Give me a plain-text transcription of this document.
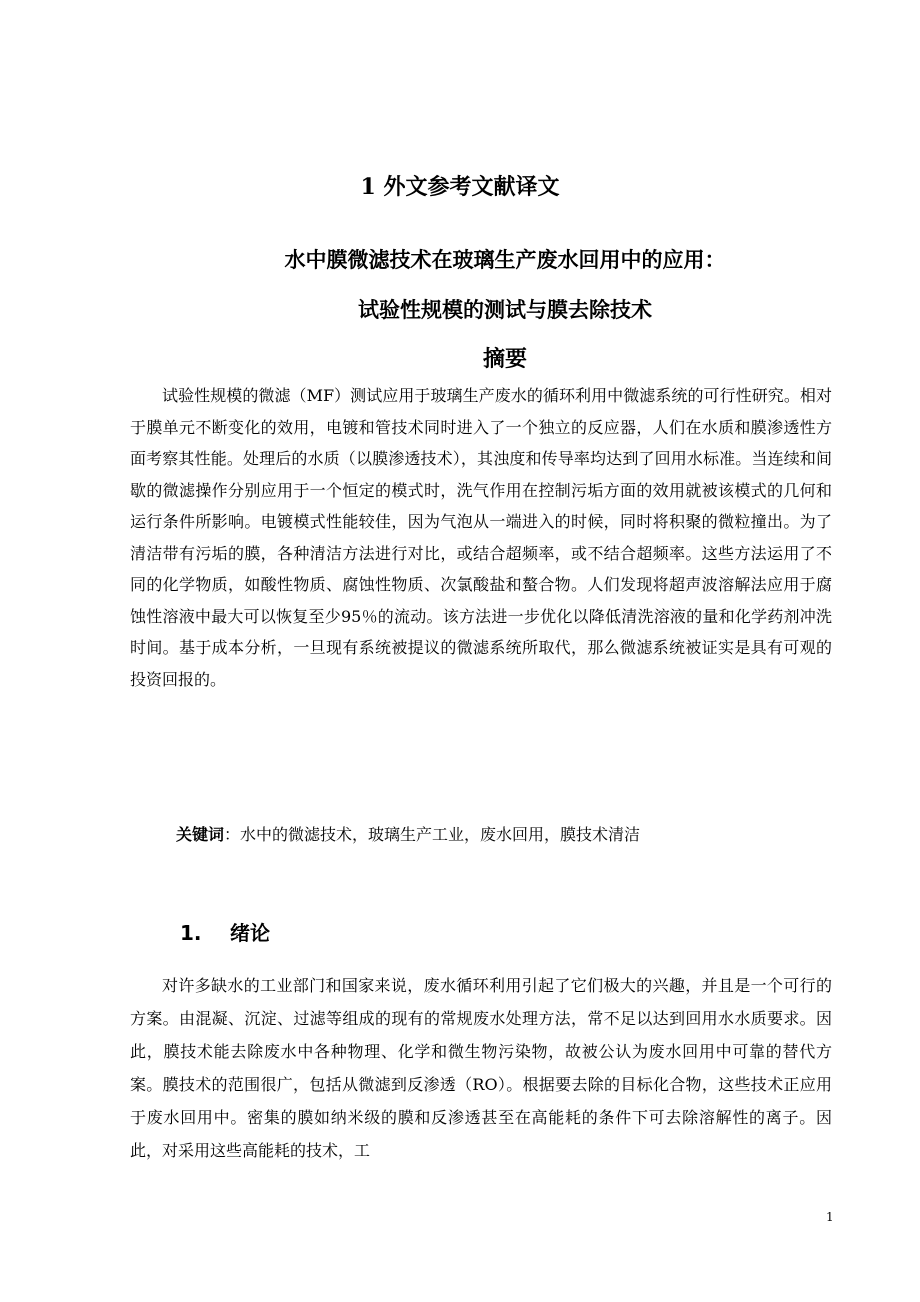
1 外文参考文献译文
水中膜微滤技术在玻璃生产废水回用中的应用：
试验性规模的测试与膜去除技术
摘要

试验性规模的微滤（MF）测试应用于玻璃生产废水的循环利用中微滤系统的可行性研究。相对于膜单元不断变化的效用，电镀和管技术同时进入了一个独立的反应器，人们在水质和膜渗透性方面考察其性能。处理后的水质（以膜渗透技术），其浊度和传导率均达到了回用水标准。当连续和间歇的微滤操作分别应用于一个恒定的模式时，洗气作用在控制污垢方面的效用就被该模式的几何和运行条件所影响。电镀模式性能较佳，因为气泡从一端进入的时候，同时将积聚的微粒撞出。为了清洁带有污垢的膜，各种清洁方法进行对比，或结合超频率，或不结合超频率。这些方法运用了不同的化学物质，如酸性物质、腐蚀性物质、次氯酸盐和螯合物。人们发现将超声波溶解法应用于腐蚀性溶液中最大可以恢复至少95％的流动。该方法进一步优化以降低清洗溶液的量和化学药剂冲洗时间。基于成本分析，一旦现有系统被提议的微滤系统所取代，那么微滤系统被证实是具有可观的投资回报的。

关键词：水中的微滤技术，玻璃生产工业，废水回用，膜技术清洁
1. 绪论

对许多缺水的工业部门和国家来说，废水循环利用引起了它们极大的兴趣，并且是一个可行的方案。由混凝、沉淀、过滤等组成的现有的常规废水处理方法，常不足以达到回用水水质要求。因此，膜技术能去除废水中各种物理、化学和微生物污染物，故被公认为废水回用中可靠的替代方案。膜技术的范围很广，包括从微滤到反渗透（RO）。根据要去除的目标化合物，这些技术正应用于废水回用中。密集的膜如纳米级的膜和反渗透甚至在高能耗的条件下可去除溶解性的离子。因此，对采用这些高能耗的技术，工

1
